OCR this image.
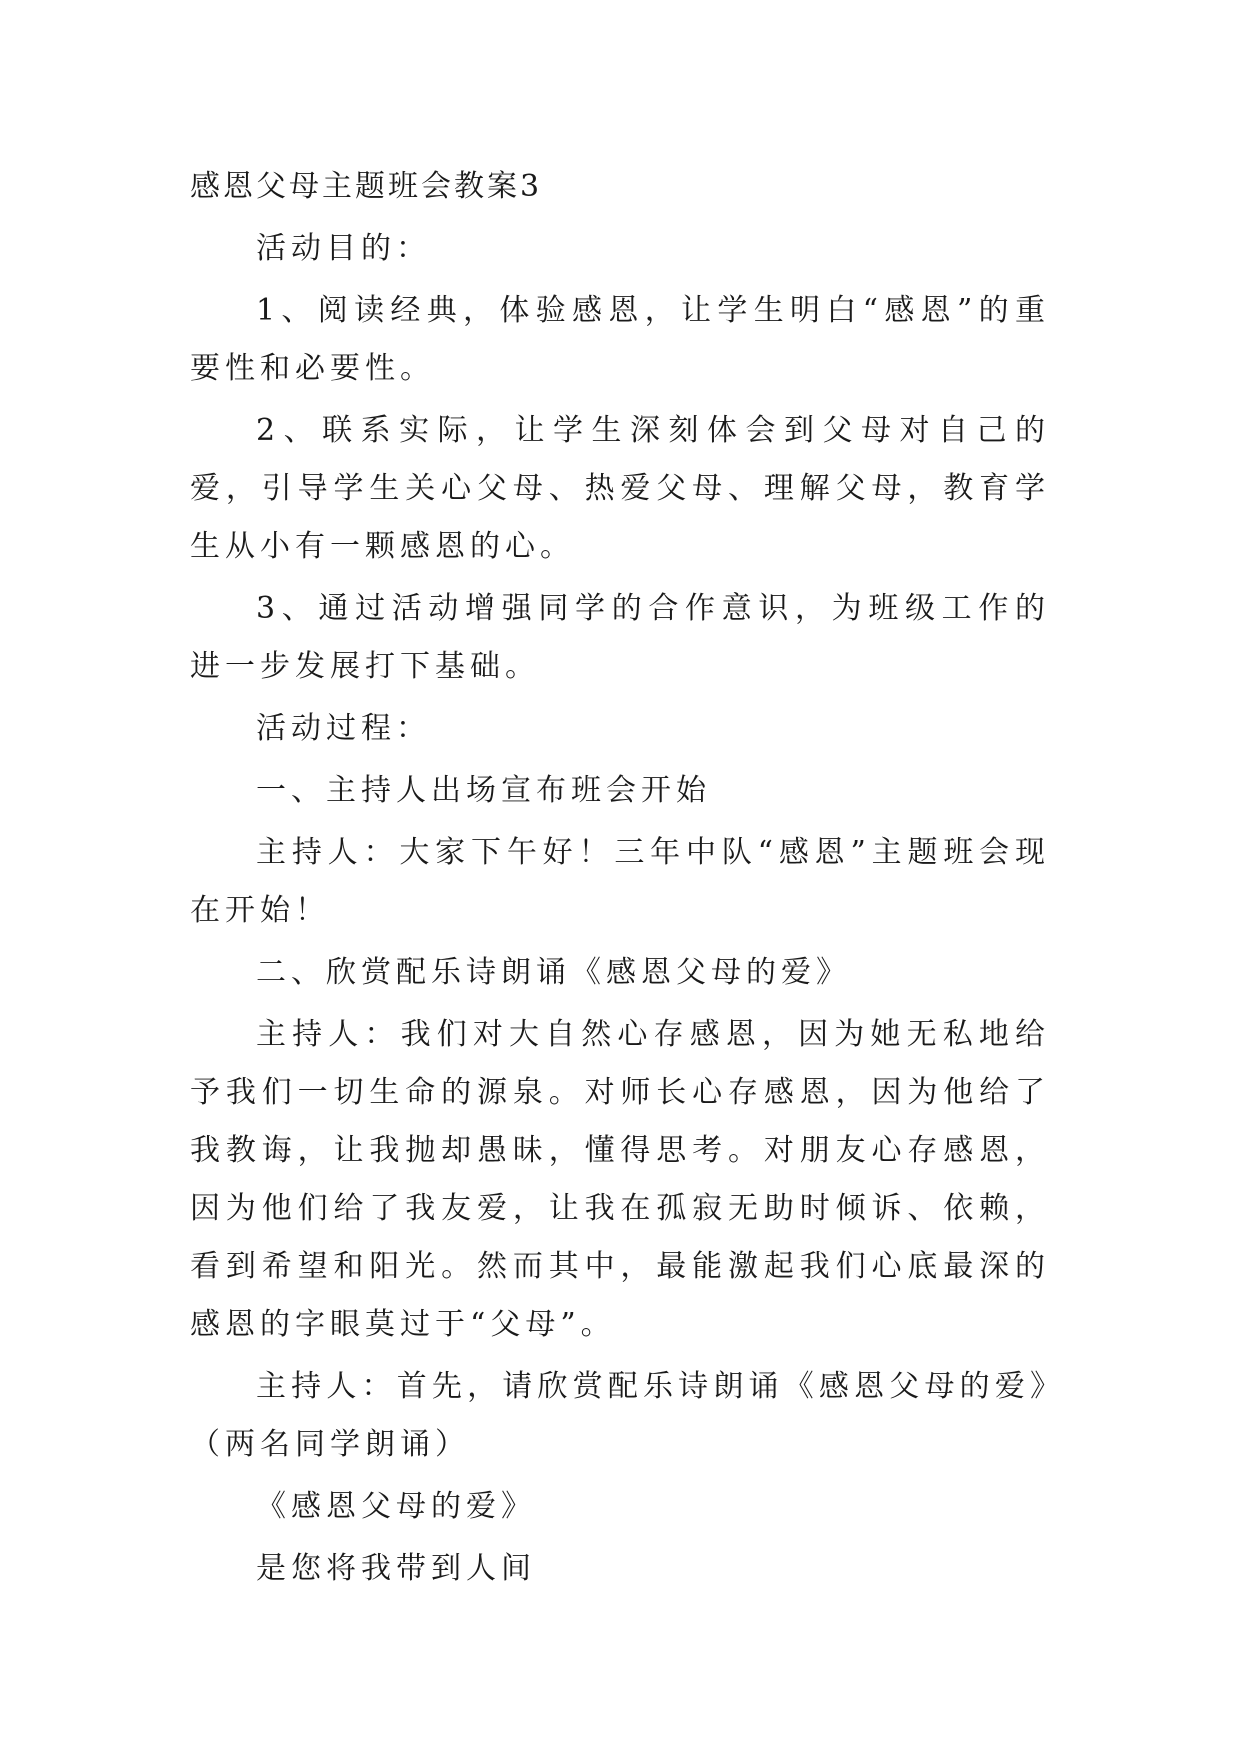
感恩父母主题班会教案3

活动目的：

1、阅读经典，体验感恩，让学生明白“感恩”的重要性和必要性。

2、联系实际，让学生深刻体会到父母对自己的爱，引导学生关心父母、热爱父母、理解父母，教育学生从小有一颗感恩的心。

3、通过活动增强同学的合作意识，为班级工作的进一步发展打下基础。

活动过程：

一、主持人出场宣布班会开始

主持人：大家下午好！三年中队“感恩”主题班会现在开始！

二、欣赏配乐诗朗诵《感恩父母的爱》

主持人：我们对大自然心存感恩，因为她无私地给予我们一切生命的源泉。对师长心存感恩，因为他给了我教诲，让我抛却愚昧，懂得思考。对朋友心存感恩，因为他们给了我友爱，让我在孤寂无助时倾诉、依赖，看到希望和阳光。然而其中，最能激起我们心底最深的感恩的字眼莫过于“父母”。

主持人：首先，请欣赏配乐诗朗诵《感恩父母的爱》（两名同学朗诵）

《感恩父母的爱》

是您将我带到人间
